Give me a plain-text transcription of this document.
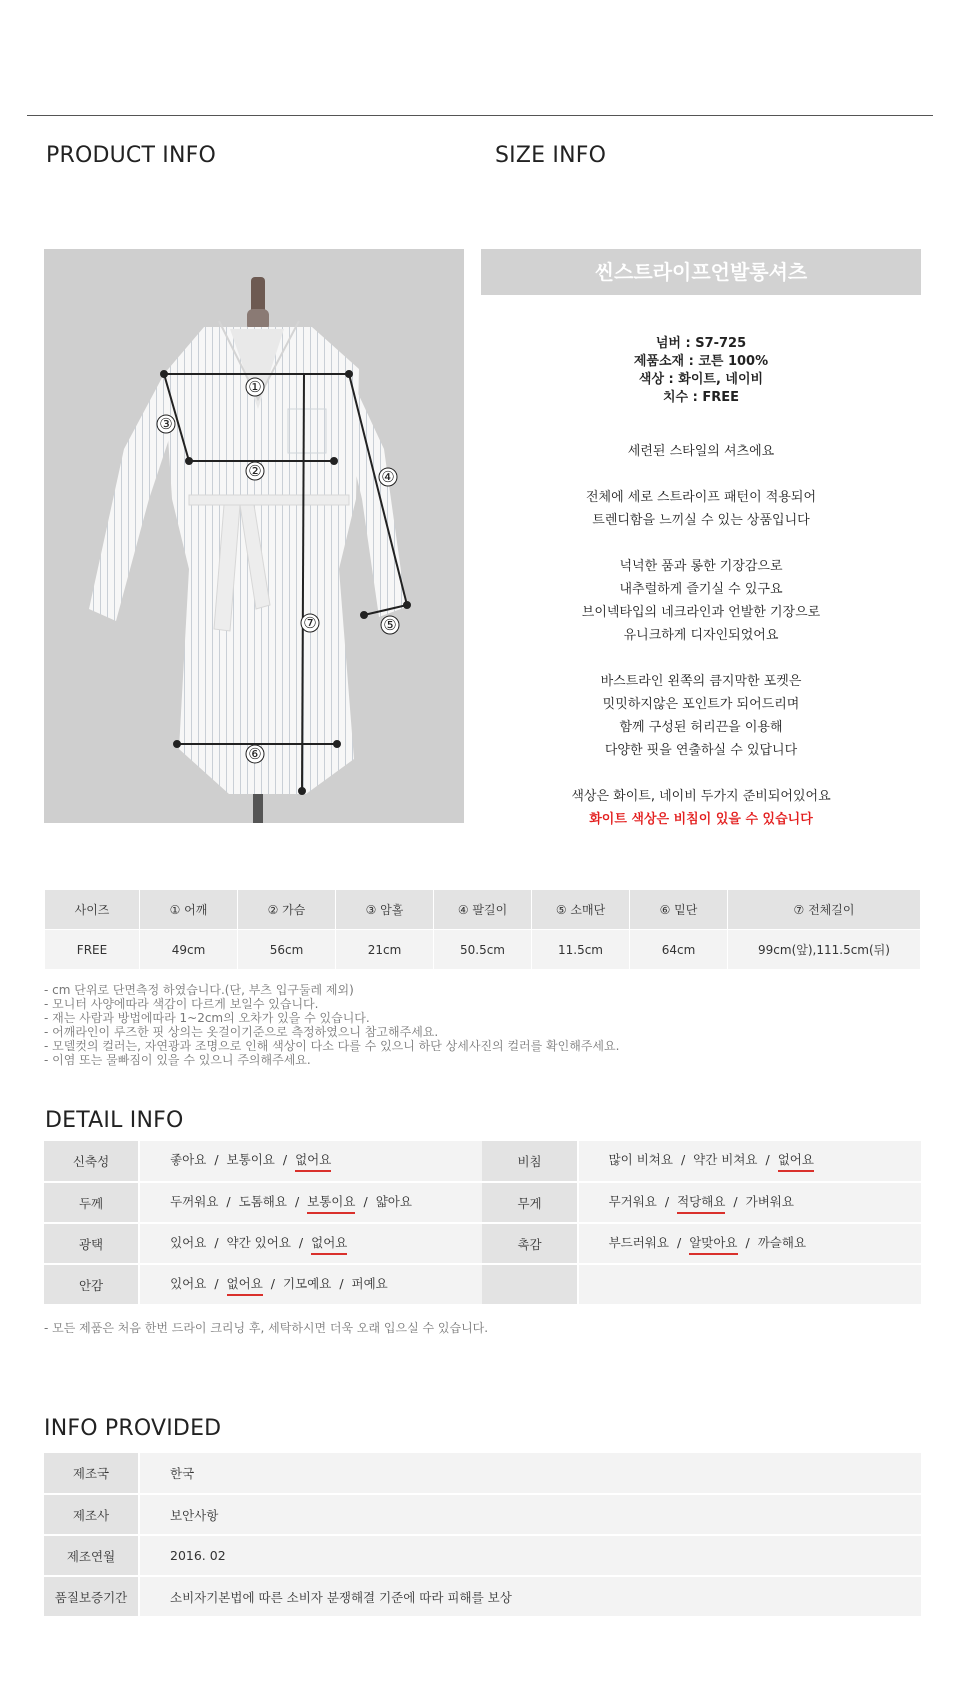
PRODUCT INFO	SIZE INFO
①
②
③
④
⑤
⑥
⑦
씬스트라이프언발롱셔츠
넘버 : S7-725
제품소재 : 코튼 100%
색상 : 화이트, 네이비
치수 : FREE

세련된 스타일의 셔츠에요

전체에 세로 스트라이프 패턴이 적용되어
트렌디함을 느끼실 수 있는 상품입니다

넉넉한 품과 롱한 기장감으로
내추럴하게 즐기실 수 있구요
브이넥타입의 네크라인과 언발한 기장으로
유니크하게 디자인되었어요

바스트라인 왼쪽의 큼지막한 포켓은
밋밋하지않은 포인트가 되어드리며
함께 구성된 허리끈을 이용해
다양한 핏을 연출하실 수 있답니다

색상은 화이트, 네이비 두가지 준비되어있어요
화이트 색상은 비침이 있을 수 있습니다

사이즈	① 어깨	② 가슴	③ 암홀	④ 팔길이	⑤ 소매단	⑥ 밑단	⑦ 전체길이
FREE	49cm	56cm	21cm	50.5cm	11.5cm	64cm	99cm(앞),111.5cm(뒤)
- cm 단위로 단면측정 하였습니다.(단, 부츠 입구둘레 제외)
- 모니터 사양에따라 색감이 다르게 보일수 있습니다.
- 재는 사람과 방법에따라 1~2cm의 오차가 있을 수 있습니다.
- 어깨라인이 루즈한 핏 상의는 옷걸이기준으로 측정하였으니 참고해주세요.
- 모델컷의 컬러는, 자연광과 조명으로 인해 색상이 다소 다를 수 있으니 하단 상세사진의 컬러를 확인해주세요.
- 이염 또는 물빠짐이 있을 수 있으니 주의해주세요.
DETAIL INFO
신축성	좋아요 / 보통이요 / 없어요	비침	많이 비쳐요 / 약간 비쳐요 / 없어요
두께	두꺼워요 / 도톰해요 / 보통이요 / 얇아요	무게	무거워요 / 적당해요 / 가벼워요
광택	있어요 / 약간 있어요 / 없어요	촉감	부드러워요 / 알맞아요 / 까슬해요
안감	있어요 / 없어요 / 기모예요 / 퍼예요		
- 모든 제품은 처음 한번 드라이 크리닝 후, 세탁하시면 더욱 오래 입으실 수 있습니다.
INFO PROVIDED
제조국	한국
제조사	보안사항
제조연월	2016. 02
품질보증기간	소비자기본법에 따른 소비자 분쟁해결 기준에 따라 피해를 보상
